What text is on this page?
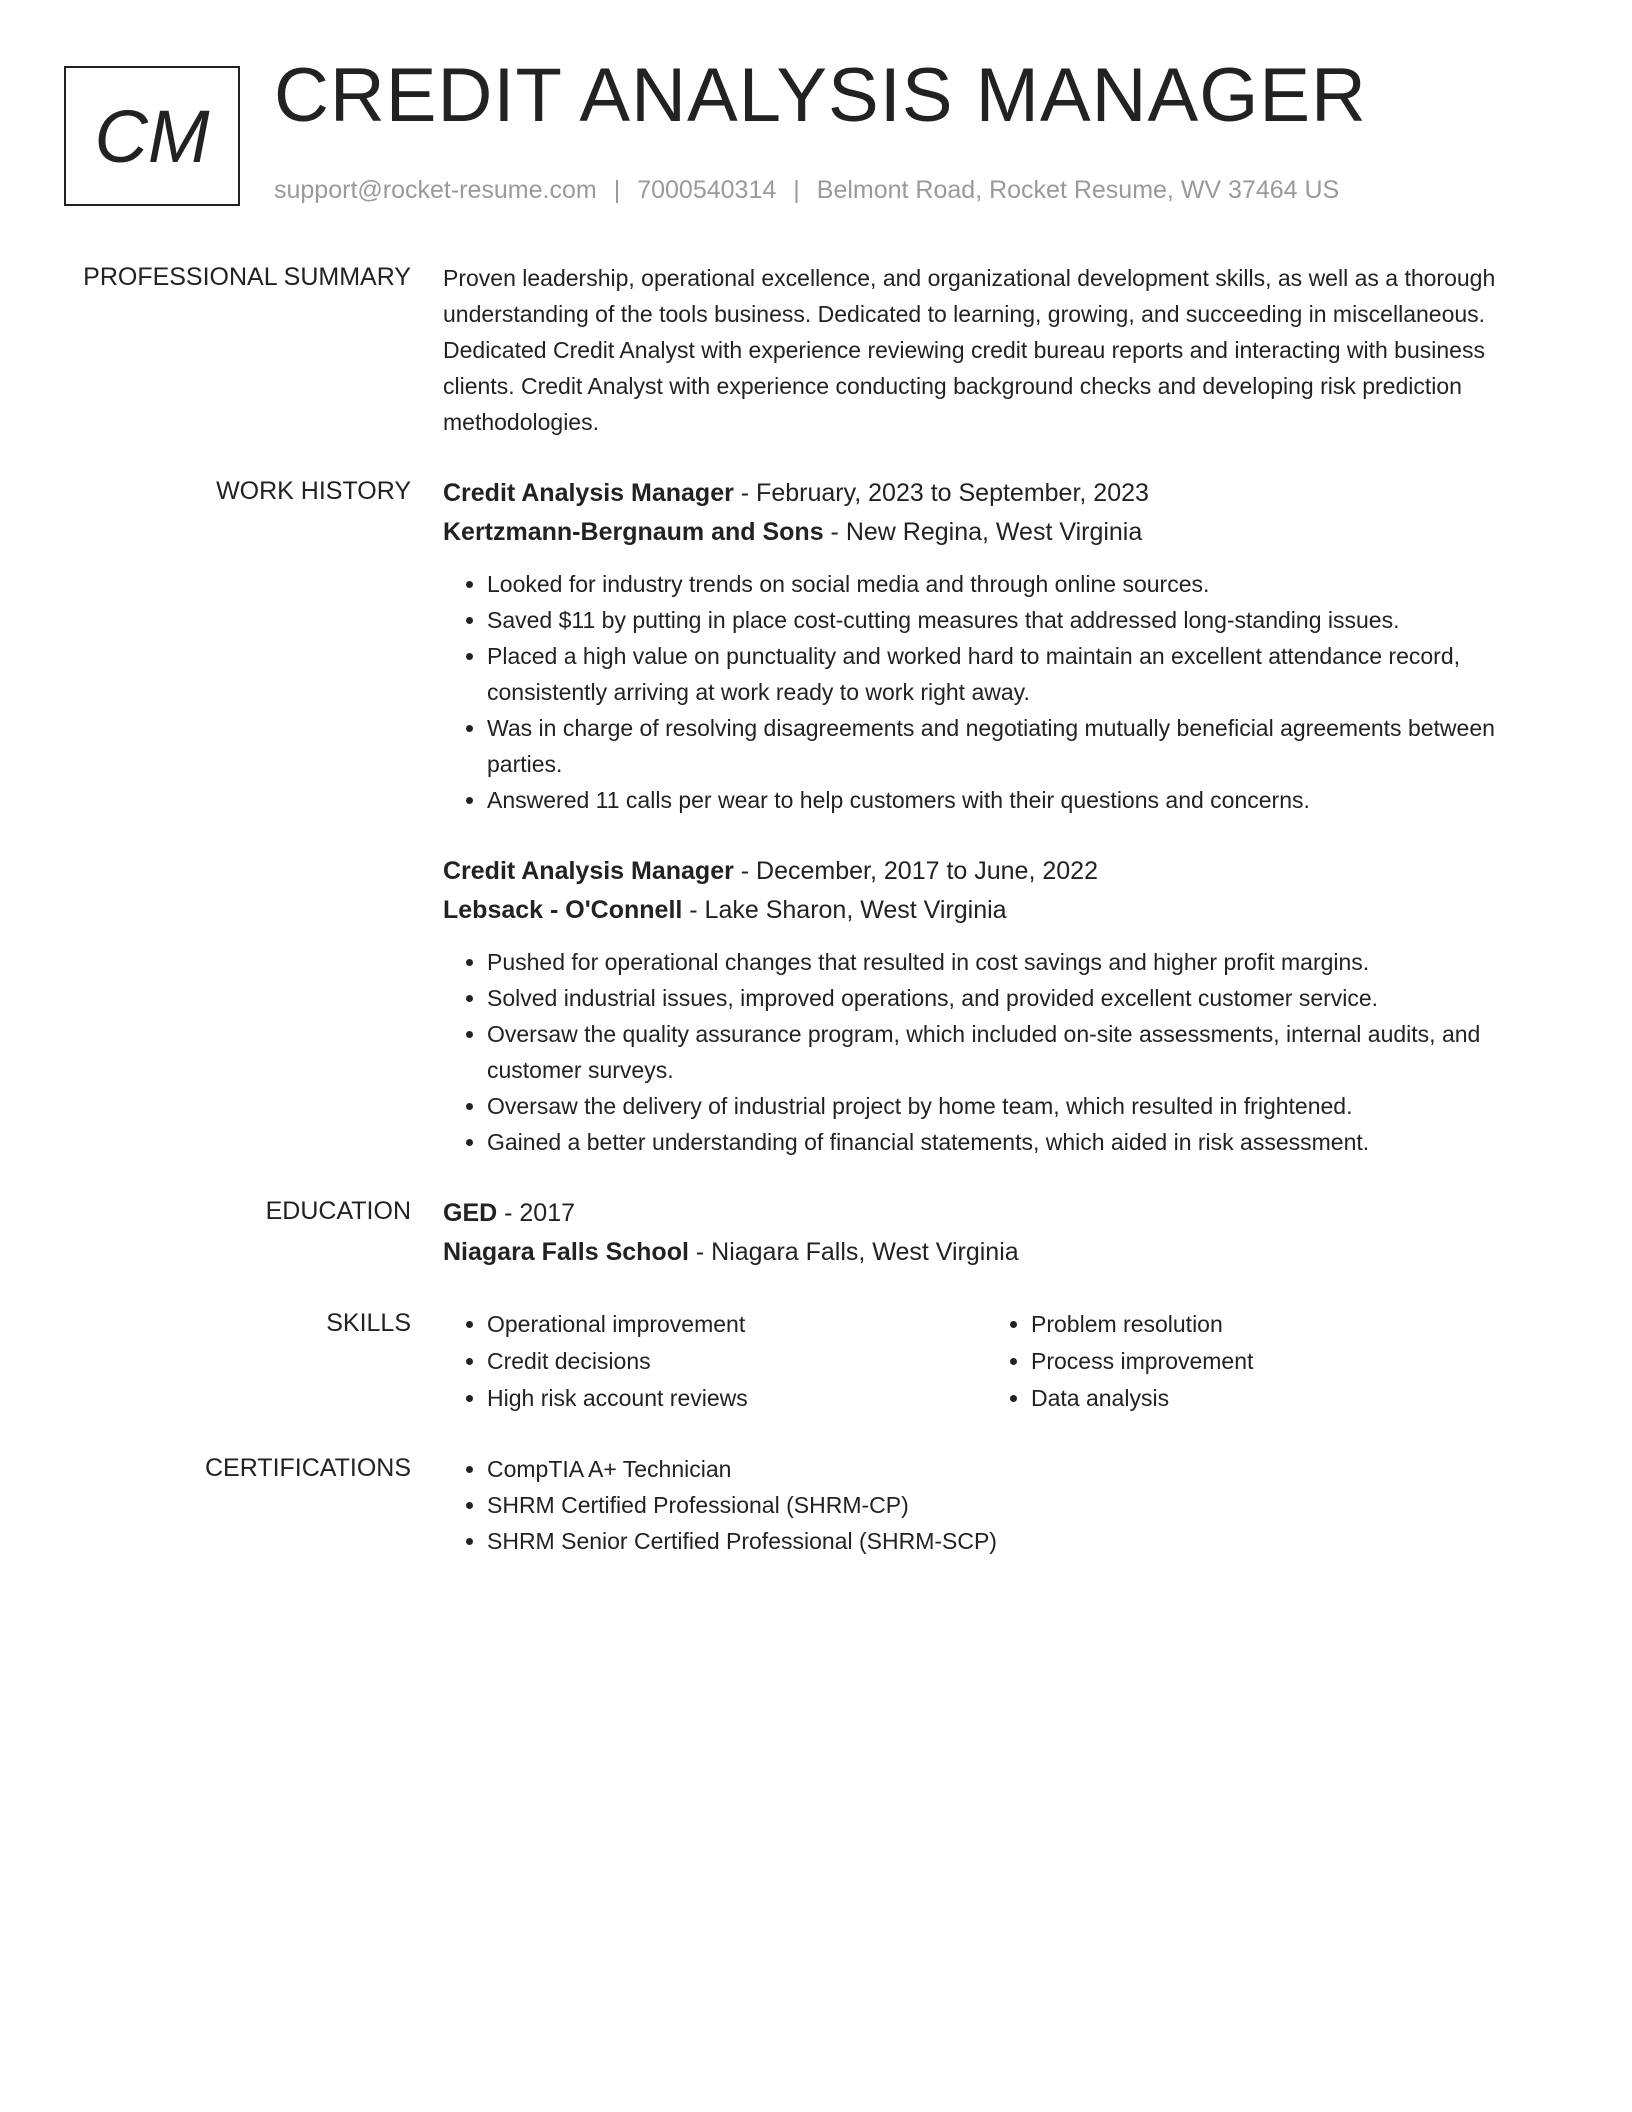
CM CREDIT ANALYSIS MANAGER
support@rocket-resume.com | 7000540314 | Belmont Road, Rocket Resume, WV 37464 US
PROFESSIONAL SUMMARY Proven leadership, operational excellence, and organizational development skills, as well as a thorough understanding of the tools business. Dedicated to learning, growing, and succeeding in miscellaneous. Dedicated Credit Analyst with experience reviewing credit bureau reports and interacting with business clients. Credit Analyst with experience conducting background checks and developing risk prediction methodologies.

WORK HISTORY Credit Analysis Manager - February, 2023 to September, 2023
Kertzmann-Bergnaum and Sons - New Regina, West Virginia
• Looked for industry trends on social media and through online sources.
• Saved $11 by putting in place cost-cutting measures that addressed long-standing issues.
• Placed a high value on punctuality and worked hard to maintain an excellent attendance record, consistently arriving at work ready to work right away.
• Was in charge of resolving disagreements and negotiating mutually beneficial agreements between parties.
• Answered 11 calls per wear to help customers with their questions and concerns.
Credit Analysis Manager - December, 2017 to June, 2022
Lebsack - O'Connell - Lake Sharon, West Virginia
• Pushed for operational changes that resulted in cost savings and higher profit margins.
• Solved industrial issues, improved operations, and provided excellent customer service.
• Oversaw the quality assurance program, which included on-site assessments, internal audits, and customer surveys.
• Oversaw the delivery of industrial project by home team, which resulted in frightened.
• Gained a better understanding of financial statements, which aided in risk assessment.
EDUCATION GED - 2017
Niagara Falls School - Niagara Falls, West Virginia
SKILLS	• Operational improvement
• Credit decisions
• High risk account reviews
• Problem resolution
• Process improvement
• Data analysis
CERTIFICATIONS	• CompTIA A+ Technician
• SHRM Certified Professional (SHRM-CP)
• SHRM Senior Certified Professional (SHRM-SCP)
